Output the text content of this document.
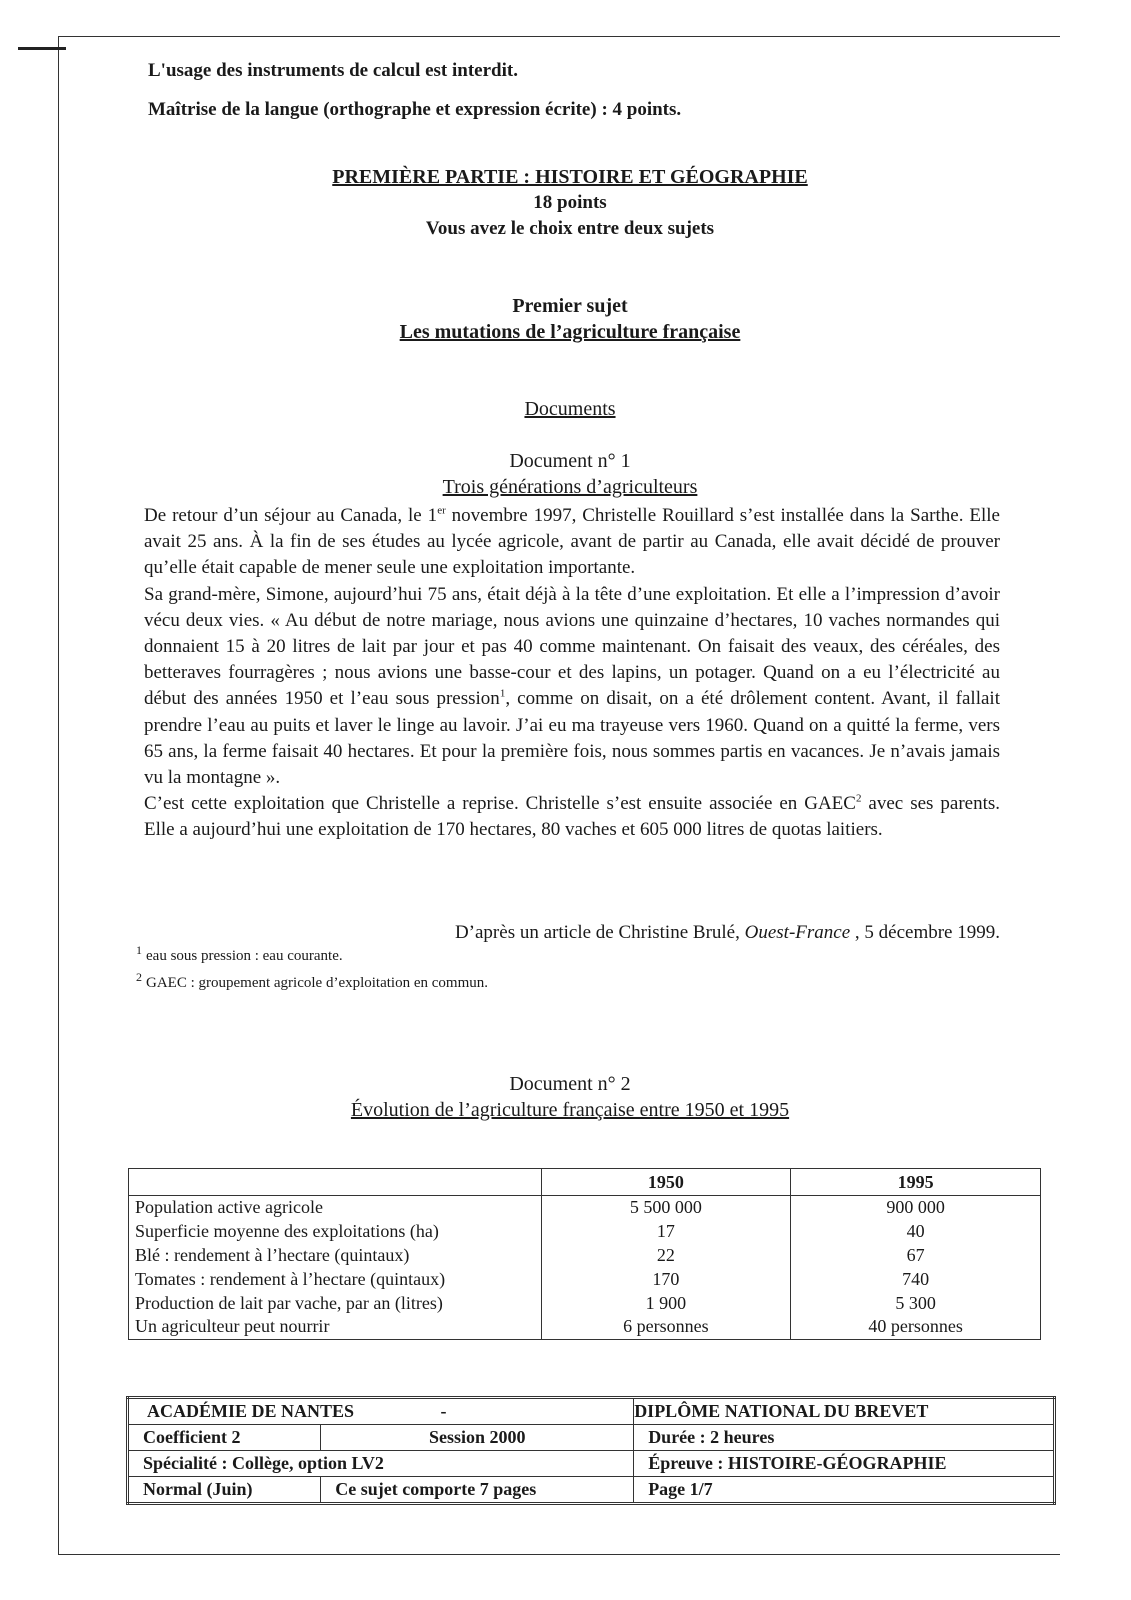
L'usage des instruments de calcul est interdit.
Maîtrise de la langue (orthographe et expression écrite) : 4 points.
PREMIÈRE PARTIE : HISTOIRE ET GÉOGRAPHIE
18 points
Vous avez le choix entre deux sujets
Premier sujet
Les mutations de l’agriculture française
Documents
Document n° 1
Trois générations d’agriculteurs

De retour d’un séjour au Canada, le 1er novembre 1997, Christelle Rouillard s’est installée dans la Sarthe. Elle avait 25 ans. À la fin de ses études au lycée agricole, avant de partir au Canada, elle avait décidé de prouver qu’elle était capable de mener seule une exploitation importante.

Sa grand-mère, Simone, aujourd’hui 75 ans, était déjà à la tête d’une exploitation. Et elle a l’impression d’avoir vécu deux vies. « Au début de notre mariage, nous avions une quinzaine d’hectares, 10 vaches normandes qui donnaient 15 à 20 litres de lait par jour et pas 40 comme maintenant. On faisait des veaux, des céréales, des betteraves fourragères ; nous avions une basse-cour et des lapins, un potager. Quand on a eu l’électricité au début des années 1950 et l’eau sous pression$^1$, comme on disait, on a été drôlement content. Avant, il fallait prendre l’eau au puits et laver le linge au lavoir. J’ai eu ma trayeuse vers 1960. Quand on a quitté la ferme, vers 65 ans, la ferme faisait 40 hectares. Et pour la première fois, nous sommes partis en vacances. Je n’avais jamais vu la montagne ».

C’est cette exploitation que Christelle a reprise. Christelle s’est ensuite associée en GAEC$^2$ avec ses parents. Elle a aujourd’hui une exploitation de 170 hectares, 80 vaches et 605 000 litres de quotas laitiers.

D’après un article de Christine Brulé, Ouest-France , 5 décembre 1999.
$^1$ eau sous pression : eau courante.
$^2$ GAEC : groupement agricole d’exploitation en commun.
Document n° 2
Évolution de l’agriculture française entre 1950 et 1995
	1950	1995
Population active agricole	5 500 000	900 000
Superficie moyenne des exploitations (ha)	17	40
Blé : rendement à l’hectare (quintaux)	22	67
Tomates : rendement à l’hectare (quintaux)	170	740
Production de lait par vache, par an (litres)	1 900	5 300
Un agriculteur peut nourrir	6 personnes	40 personnes
ACADÉMIE DE NANTES -		DIPLÔME NATIONAL DU BREVET
Coefficient 2	Session 2000	Durée : 2 heures
Spécialité : Collège, option LV2		Épreuve : HISTOIRE-GÉOGRAPHIE
Normal (Juin)	Ce sujet comporte 7 pages	Page 1/7
